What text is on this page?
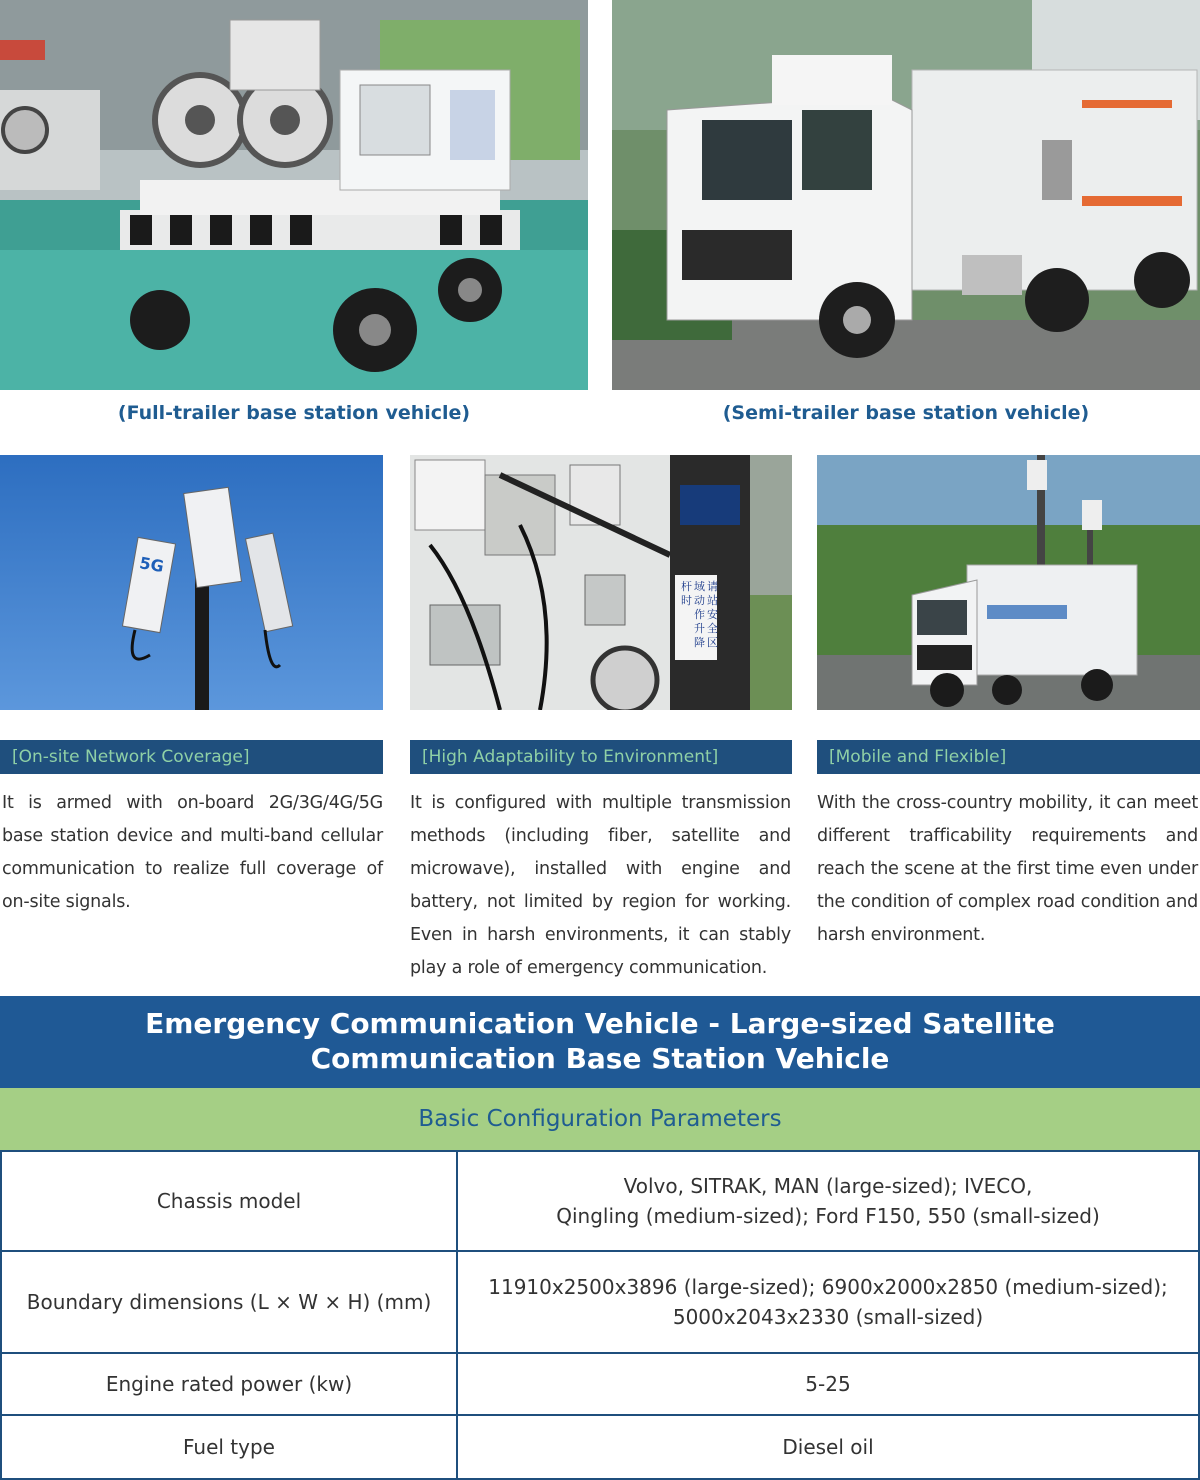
(Full-trailer base station vehicle)	(Semi-trailer base station vehicle)
5G
请站安全区域动作升降杆时
[On-site Network Coverage]	[High Adaptability to Environment]	[Mobile and Flexible]
It is armed with on-board 2G/3G/4G/5G base station device and multi-band cellular communication to realize full coverage of on-site signals.
It is configured with multiple transmission methods (including fiber, satellite and microwave), installed with engine and battery, not limited by region for working. Even in harsh environments, it can stably play a role of emergency communication.
With the cross-country mobility, it can meet different trafficability requirements and reach the scene at the first time even under the condition of complex road condition and harsh environment.
Emergency Communication Vehicle - Large-sized Satellite
Communication Base Station Vehicle
Basic Configuration Parameters
Chassis model	Volvo, SITRAK, MAN (large-sized); IVECO,
Qingling (medium-sized); Ford F150, 550 (small-sized)

Boundary dimensions (L × W × H) (mm)	11910x2500x3896 (large-sized); 6900x2000x2850 (medium-sized);
5000x2043x2330 (small-sized)

Engine rated power (kw)	5-25
Fuel type	Diesel oil
